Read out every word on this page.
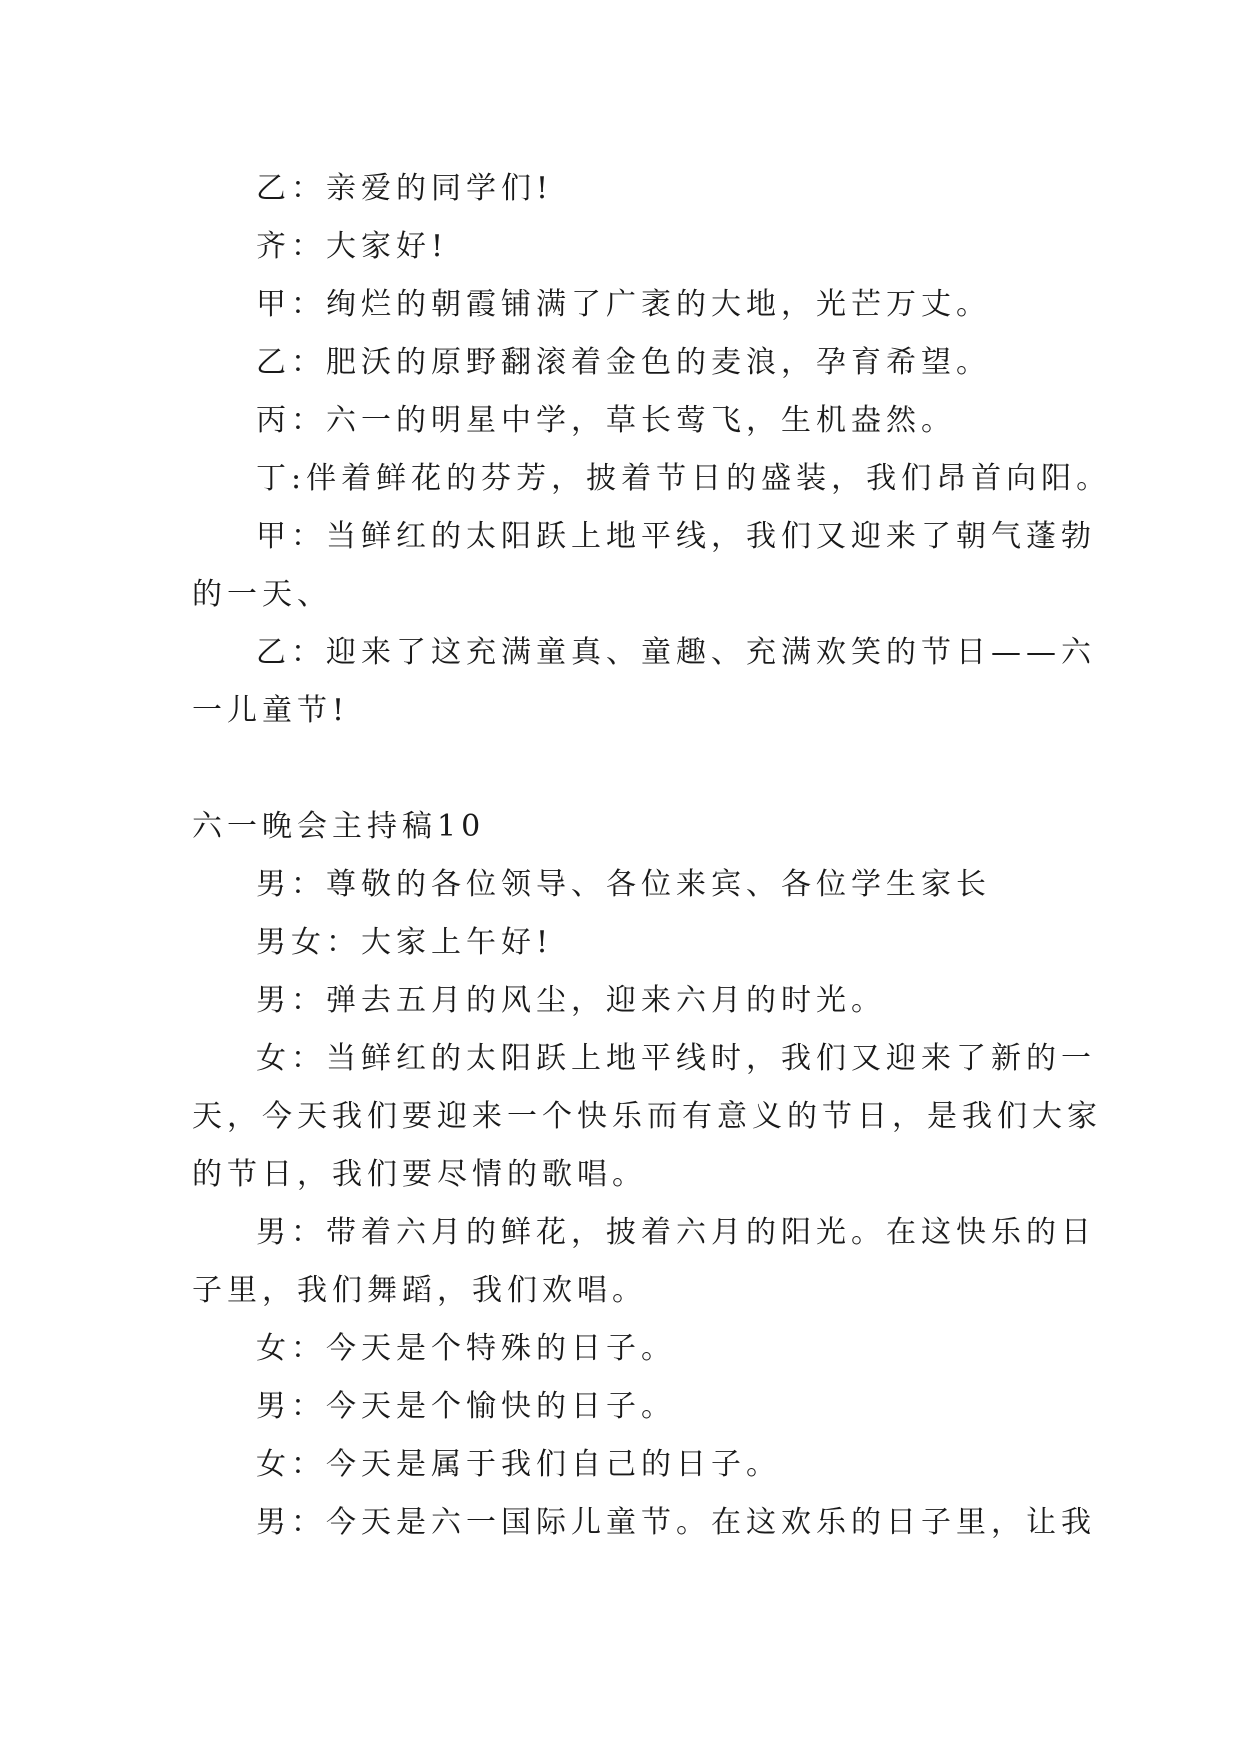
乙：亲爱的同学们!
齐：大家好!
甲：绚烂的朝霞铺满了广袤的大地，光芒万丈。
乙：肥沃的原野翻滚着金色的麦浪，孕育希望。
丙：六一的明星中学，草长莺飞，生机盎然。
丁:伴着鲜花的芬芳，披着节日的盛装，我们昂首向阳。
甲：当鲜红的太阳跃上地平线，我们又迎来了朝气蓬勃
的一天、
乙：迎来了这充满童真、童趣、充满欢笑的节日——六
一儿童节!
六一晚会主持稿10
男：尊敬的各位领导、各位来宾、各位学生家长
男女：大家上午好!
男：弹去五月的风尘，迎来六月的时光。
女：当鲜红的太阳跃上地平线时，我们又迎来了新的一
天，今天我们要迎来一个快乐而有意义的节日，是我们大家
的节日，我们要尽情的歌唱。
男：带着六月的鲜花，披着六月的阳光。在这快乐的日
子里，我们舞蹈，我们欢唱。
女：今天是个特殊的日子。
男：今天是个愉快的日子。
女：今天是属于我们自己的日子。
男：今天是六一国际儿童节。在这欢乐的日子里，让我
